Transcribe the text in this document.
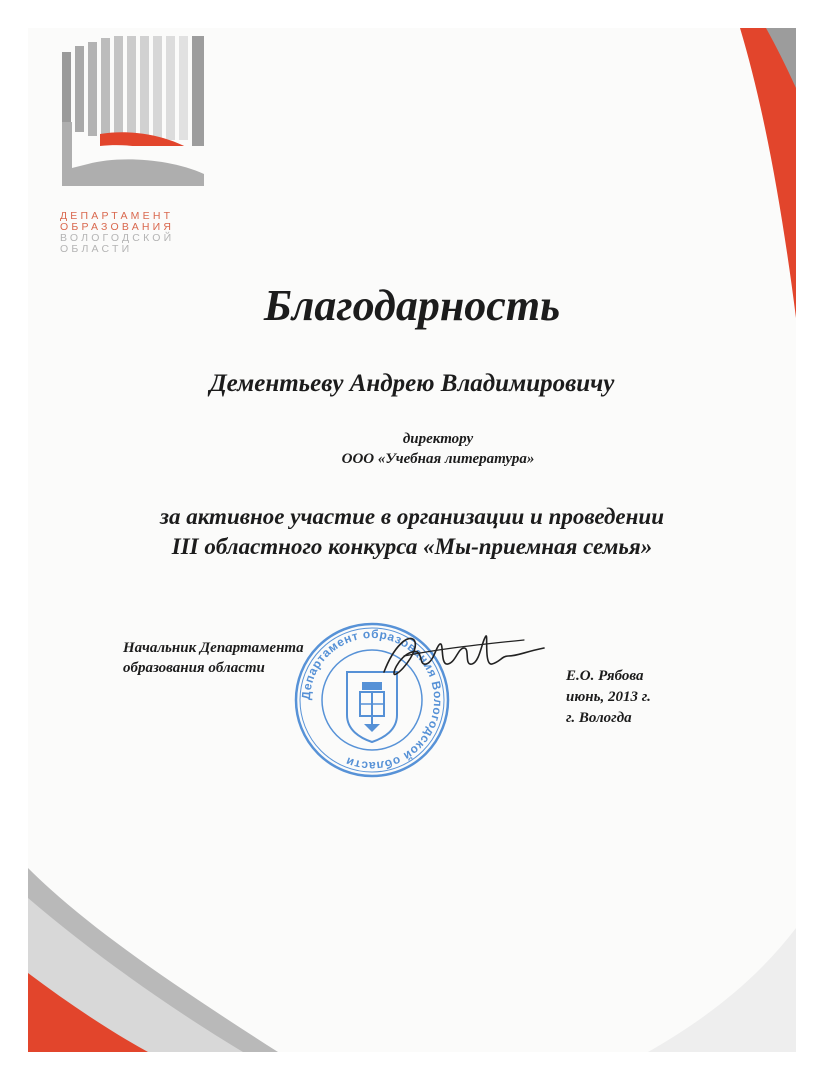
ДЕПАРТАМЕНТ
ОБРАЗОВАНИЯ
ВОЛОГОДСКОЙ
ОБЛАСТИ
Благодарность
Дементьеву Андрею Владимировичу
директору
ООО «Учебная литература»
за активное участие в организации и проведении
III областного конкурса «Мы-приемная семья»
Начальник Департамента
образования области
Департамент образования Вологодской области
Е.О. Рябова
июнь, 2013 г.
г. Вологда
